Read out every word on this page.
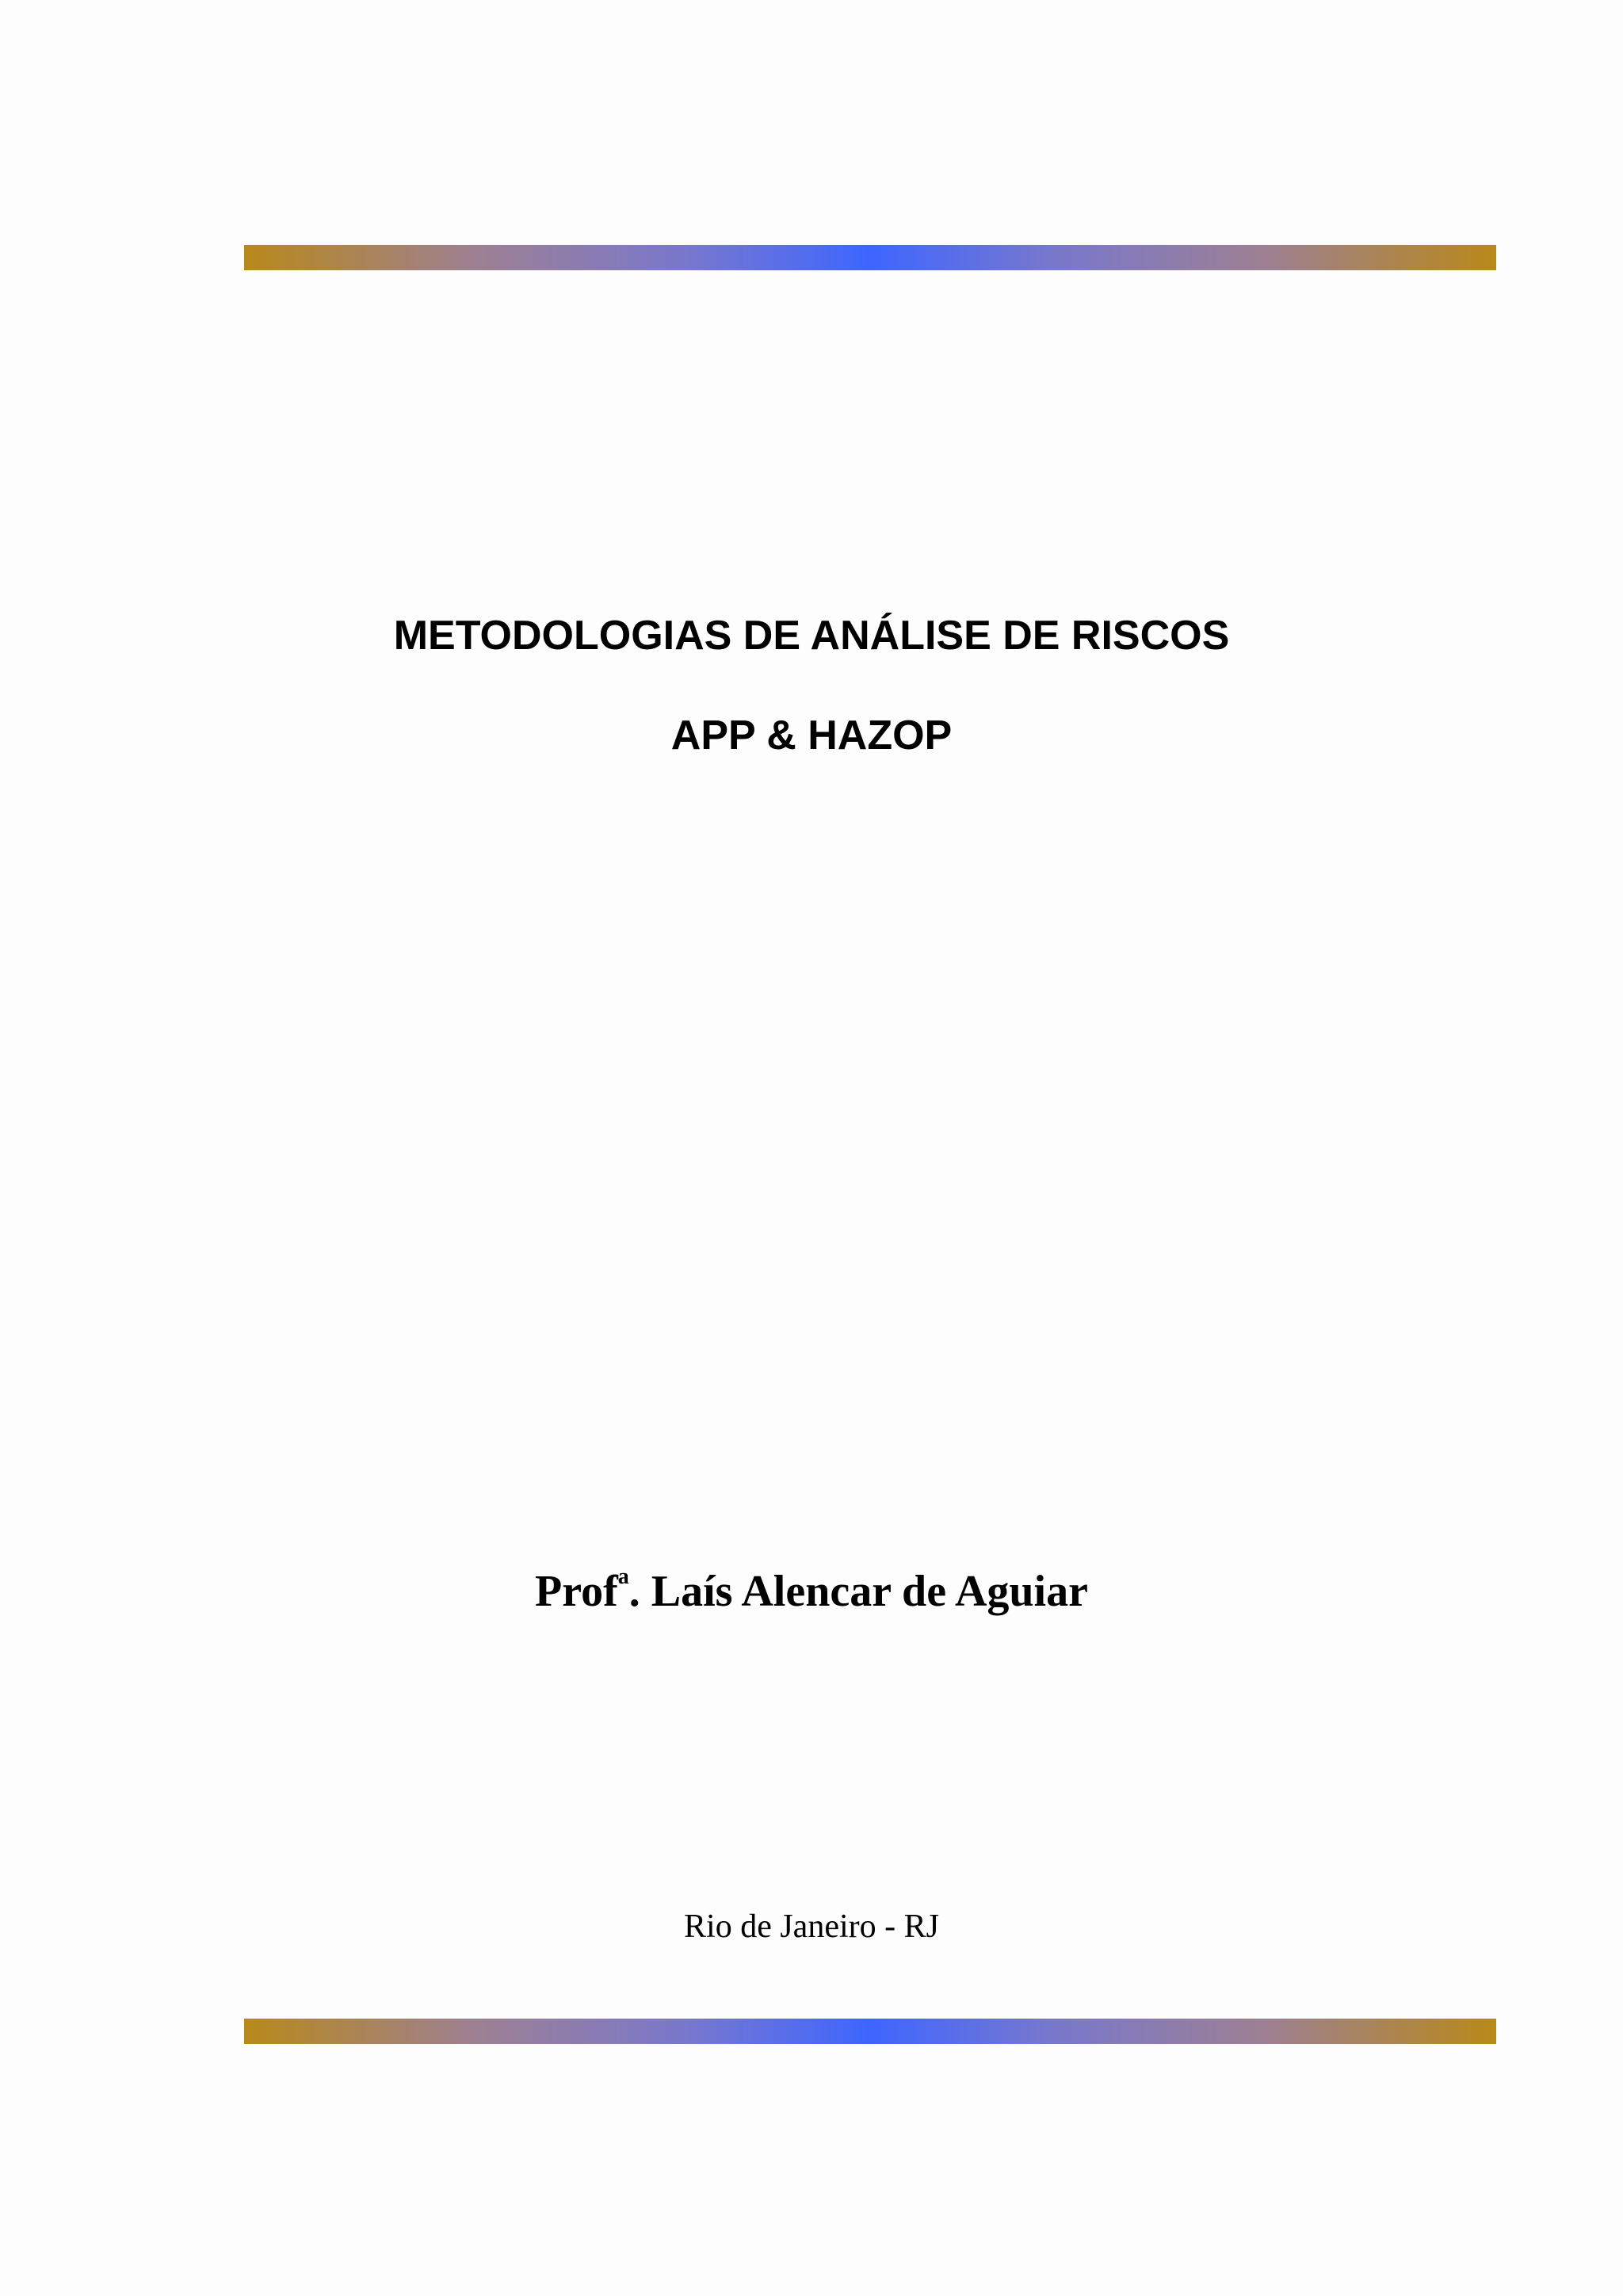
METODOLOGIAS DE ANÁLISE DE RISCOS
APP & HAZOP
Prof$^a$. Laís Alencar de Aguiar
Rio de Janeiro - RJ
